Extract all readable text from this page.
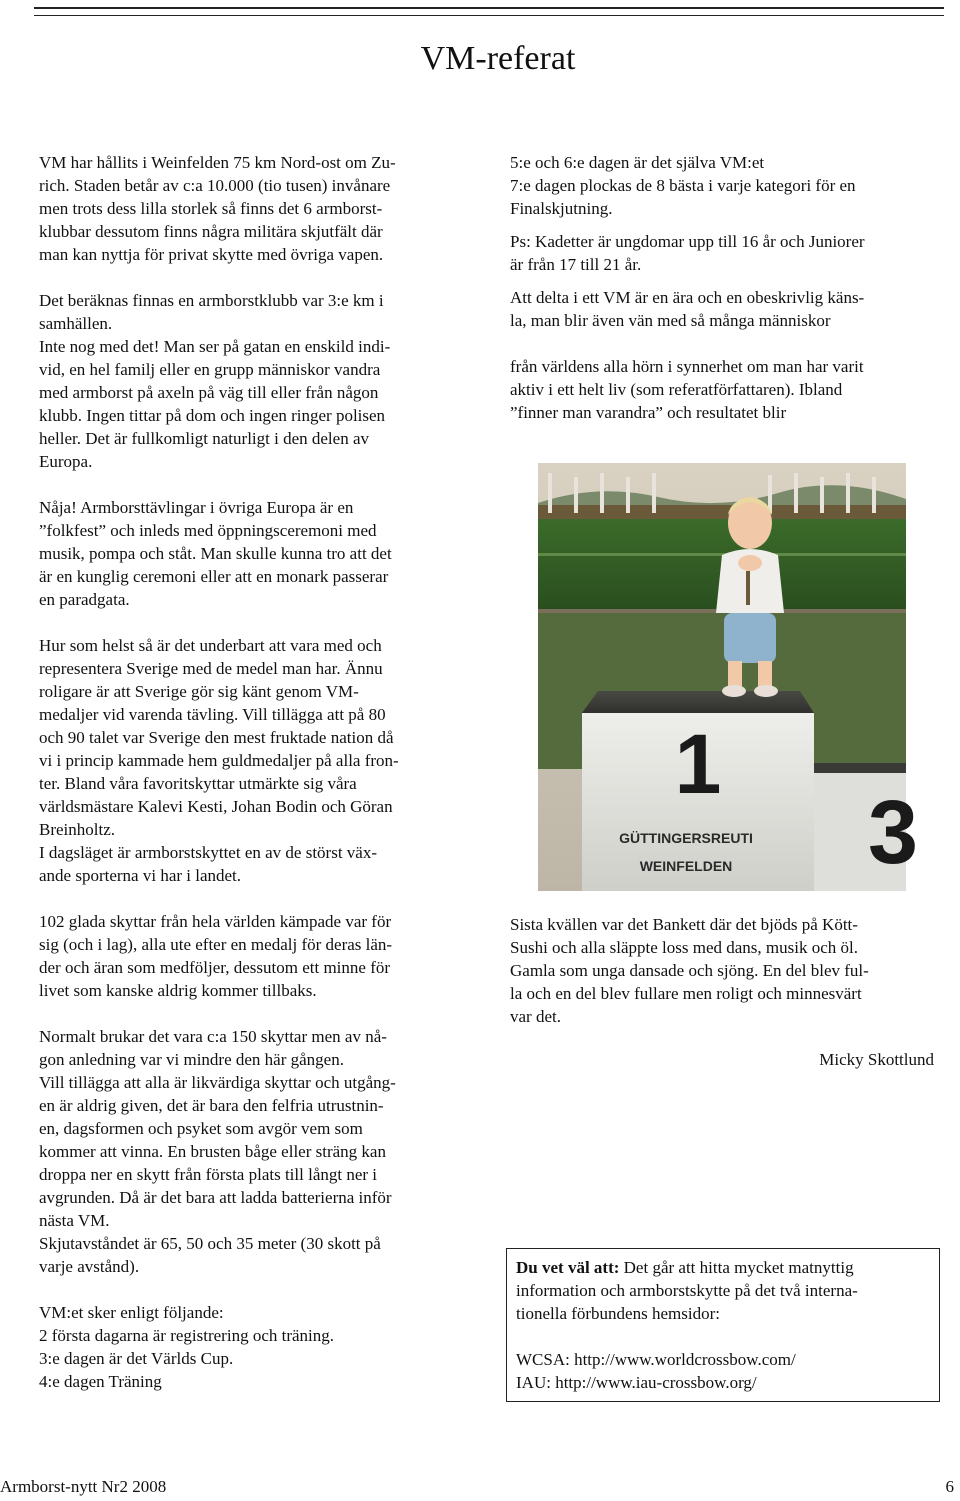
VM-referat

VM har hållits i Weinfelden 75 km Nord-ost om Zu-
rich. Staden betår av c:a 10.000 (tio tusen) invånare
men trots dess lilla storlek så finns det 6 armborst-
klubbar dessutom finns några militära skjutfält där
man kan nyttja för privat skytte med övriga vapen.

Det beräknas finnas en armborstklubb var 3:e km i
samhällen.
Inte nog med det! Man ser på gatan en enskild indi-
vid, en hel familj eller en grupp människor vandra
med armborst på axeln på väg till eller från någon
klubb. Ingen tittar på dom och ingen ringer polisen
heller. Det är fullkomligt naturligt i den delen av
Europa.

Nåja! Armborsttävlingar i övriga Europa är en
”folkfest” och inleds med öppningsceremoni med
musik, pompa och ståt. Man skulle kunna tro att det
är en kunglig ceremoni eller att en monark passerar
en paradgata.

Hur som helst så är det underbart att vara med och
representera Sverige med de medel man har. Ännu
roligare är att Sverige gör sig känt genom VM-
medaljer vid varenda tävling. Vill tillägga att på 80
och 90 talet var Sverige den mest fruktade nation då
vi i princip kammade hem guldmedaljer på alla fron-
ter. Bland våra favoritskyttar utmärkte sig våra
världsmästare Kalevi Kesti, Johan Bodin och Göran
Breinholtz.
I dagsläget är armborstskyttet en av de störst väx-
ande sporterna vi har i landet.

102 glada skyttar från hela världen kämpade var för
sig (och i lag), alla ute efter en medalj för deras län-
der och äran som medföljer, dessutom ett minne för
livet som kanske aldrig kommer tillbaks.

Normalt brukar det vara c:a 150 skyttar men av nå-
gon anledning var vi mindre den här gången.
Vill tillägga att alla är likvärdiga skyttar och utgång-
en är aldrig given, det är bara den felfria utrustnin-
en, dagsformen och psyket som avgör vem som
kommer att vinna. En brusten båge eller sträng kan
droppa ner en skytt från första plats till långt ner i
avgrunden. Då är det bara att ladda batterierna inför
nästa VM.
Skjutavståndet är 65, 50 och 35 meter (30 skott på
varje avstånd).

VM:et sker enligt följande:
2 första dagarna är registrering och träning.
3:e dagen är det Världs Cup.
4:e dagen Träning

5:e och 6:e dagen är det själva VM:et
7:e dagen plockas de 8 bästa i varje kategori för en
Finalskjutning.

Ps: Kadetter är ungdomar upp till 16 år och Juniorer
är från 17 till 21 år.

Att delta i ett VM är en ära och en obeskrivlig käns-
la, man blir även vän med så många människor

från världens alla hörn i synnerhet om man har varit
aktiv i ett helt liv (som referatförfattaren). Ibland
”finner man varandra” och resultatet blir

1
3
GÜTTINGERSREUTI
WEINFELDEN

Sista kvällen var det Bankett där det bjöds på Kött-
Sushi och alla släppte loss med dans, musik och öl.
Gamla som unga dansade och sjöng. En del blev ful-
la och en del blev fullare men roligt och minnesvärt
var det.

Micky Skottlund

Du vet väl att: Det går att hitta mycket matnyttig
information och armborstskytte på det två interna-
tionella förbundens hemsidor:

WCSA: http://www.worldcrossbow.com/

IAU: http://www.iau-crossbow.org/

Armborst-nytt Nr2 2008	6
